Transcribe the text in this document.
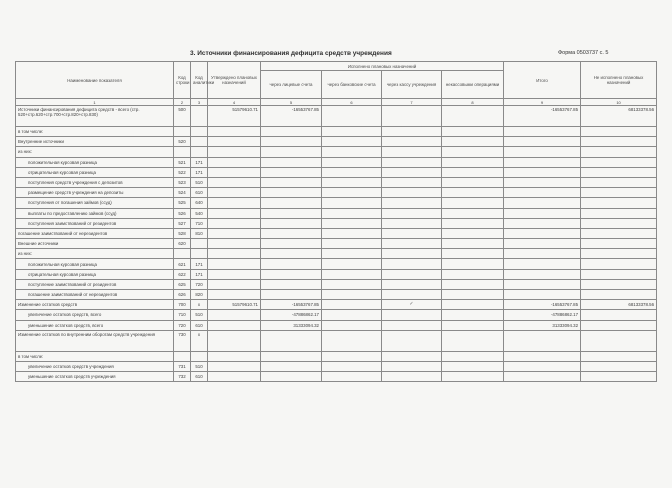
3. Источники финансирования дефицита средств учреждения	Форма 0503737 с. 5
Наименование показателя	Код строки	Код аналитики	Утверждено плановых назначений	Исполнено плановых назначений				Итого	Не исполнено плановых назначений
				через лицевые счета	через банковские счета	через кассу учреждения	некассовыми операциями		
1	2	3	4	5	6	7	8	9	10
Источники финансирования дефицита средств - всего (стр. 520+стр.620+стр.700+стр.820+стр.830)	500		51579610.71	-16553767.85				-16553767.85	68133378.56
в том числе:									
Внутренние источники	520								
из них:									
положительная курсовая разница	521	171							
отрицательная курсовая разница	522	171							
поступления средств учреждения с депозитов	523	510							
размещение средств учреждения на депозиты	524	610							
поступления от погашения займов (ссуд)	525	640							
выплаты по предоставлению займов (ссуд)	526	540							
поступления заимствований от резидентов	527	710							
погашение заимствований от нерезидентов	528	810							
Внешние источники	620								
из них:									
положительная курсовая разница	621	171							
отрицательная курсовая разница	622	171							
поступление заимствований от резидентов	625	720							
погашение заимствований от нерезидентов	626	820							
Изменение остатков средств	700	x	51579610.71	-16553767.85		✓		-16553767.85	68133378.56
увеличение остатков средств, всего	710	510		-47886862.17				-47886862.17	
уменьшение остатков средств, всего	720	610		31333094.32				31333094.32	
Изменение остатков по внутренним оборотам средств учреждения	730	x							
в том числе:									
увеличение остатков средств учреждения	731	510							
уменьшение остатков средств учреждения	732	610							
